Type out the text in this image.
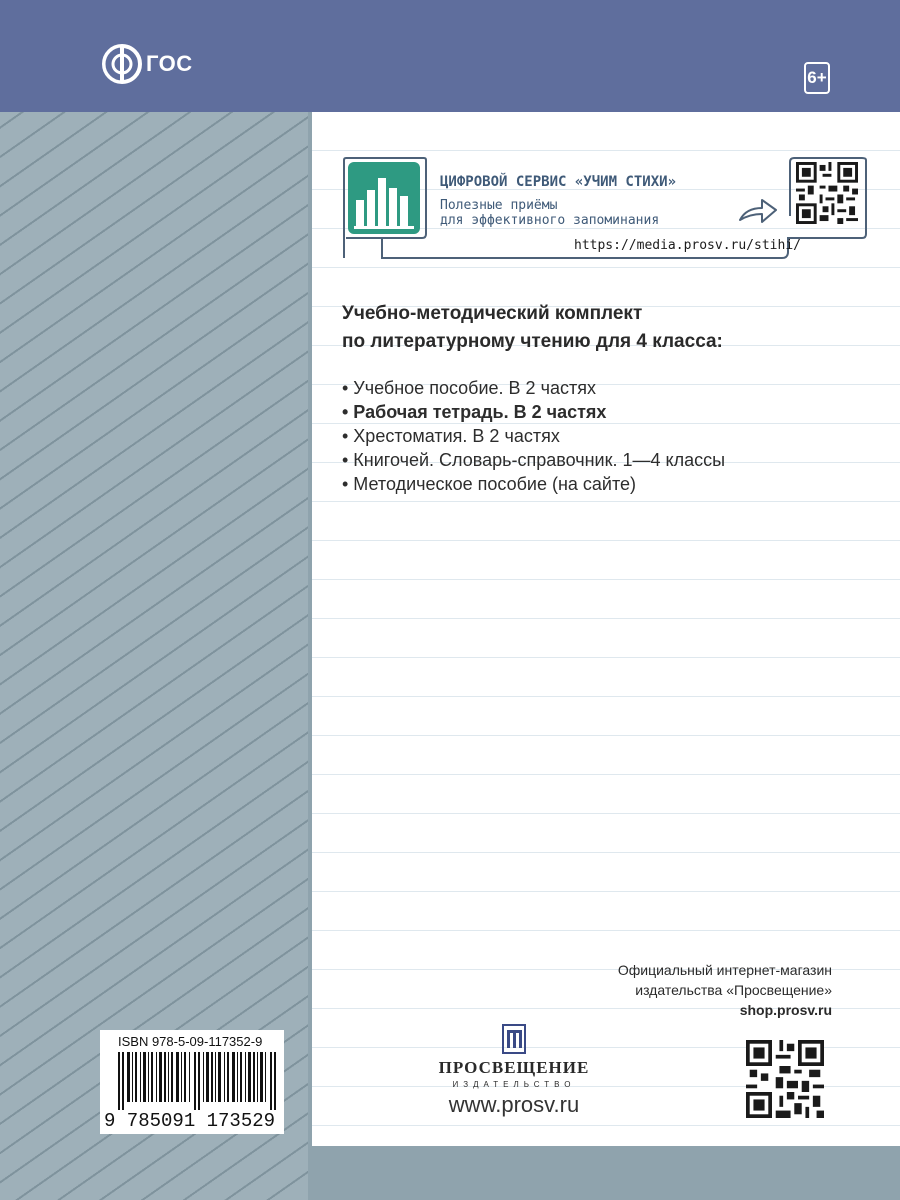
ГОС
6+
ЦИФРОВОЙ СЕРВИС «УЧИМ СТИХИ»
Полезные приёмы
для эффективного запоминания
https://media.prosv.ru/stihi/
Учебно-методический комплект
по литературному чтению для 4 класса:
• Учебное пособие. В 2 частях
• Рабочая тетрадь. В 2 частях
• Хрестоматия. В 2 частях
• Книгочей. Словарь-справочник. 1—4 классы
• Методическое пособие (на сайте)
Официальный интернет-магазин
издательства «Просвещение»
shop.prosv.ru
ПРОСВЕЩЕНИЕ
ИЗДАТЕЛЬСТВО
www.prosv.ru
ISBN 978-5-09-117352-9
9 785091 173529
